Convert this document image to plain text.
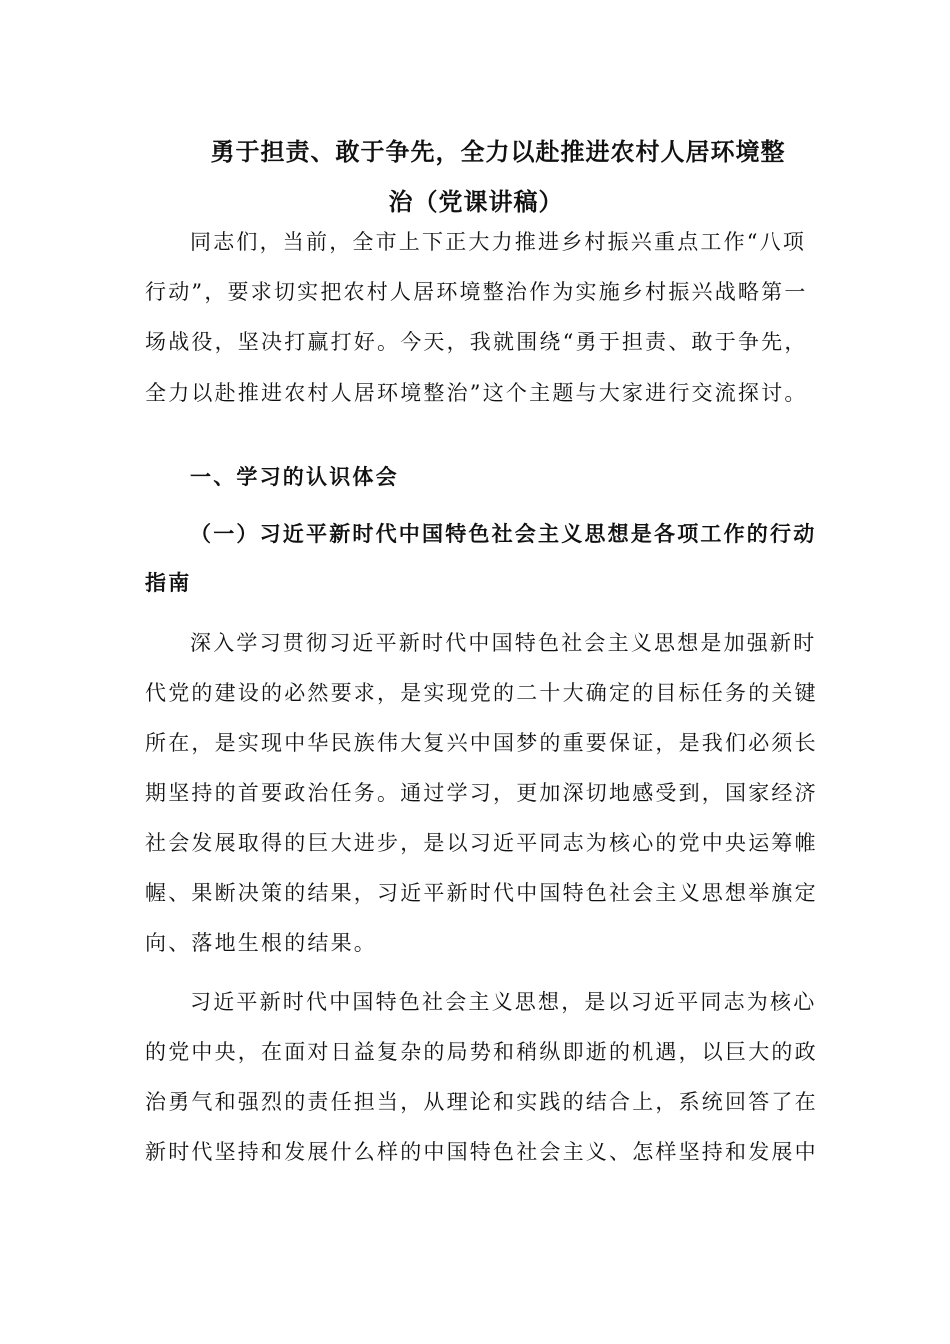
勇于担责、敢于争先，全力以赴推进农村人居环境整
治（党课讲稿）
同志们，当前，全市上下正大力推进乡村振兴重点工作“八项
行动”，要求切实把农村人居环境整治作为实施乡村振兴战略第一
场战役，坚决打赢打好。今天，我就围绕“勇于担责、敢于争先，
全力以赴推进农村人居环境整治”这个主题与大家进行交流探讨。
一、学习的认识体会
（一）习近平新时代中国特色社会主义思想是各项工作的行动
指南
深入学习贯彻习近平新时代中国特色社会主义思想是加强新时
代党的建设的必然要求，是实现党的二十大确定的目标任务的关键
所在，是实现中华民族伟大复兴中国梦的重要保证，是我们必须长
期坚持的首要政治任务。通过学习，更加深切地感受到，国家经济
社会发展取得的巨大进步，是以习近平同志为核心的党中央运筹帷
幄、果断决策的结果，习近平新时代中国特色社会主义思想举旗定
向、落地生根的结果。
习近平新时代中国特色社会主义思想，是以习近平同志为核心
的党中央，在面对日益复杂的局势和稍纵即逝的机遇，以巨大的政
治勇气和强烈的责任担当，从理论和实践的结合上，系统回答了在
新时代坚持和发展什么样的中国特色社会主义、怎样坚持和发展中
